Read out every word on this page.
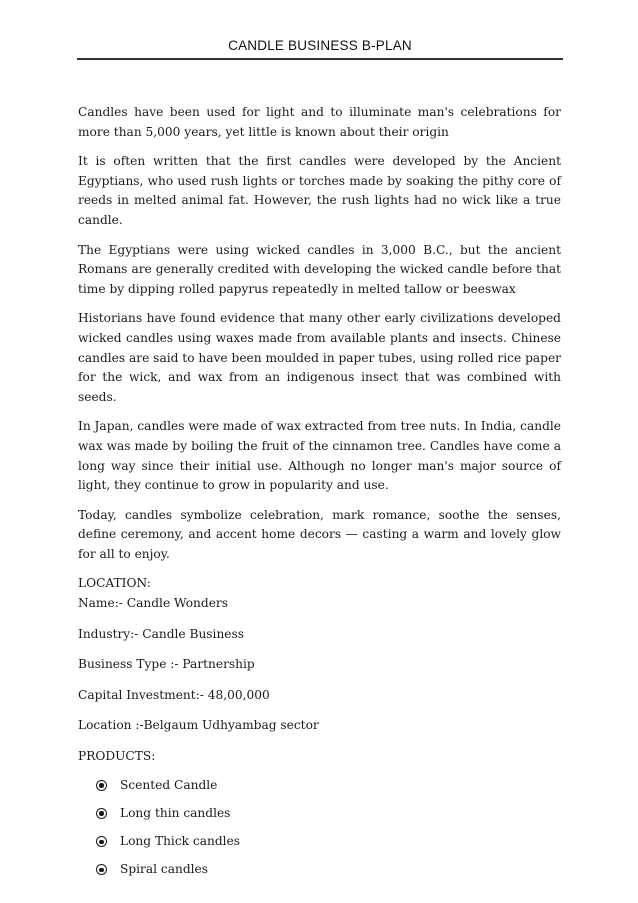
CANDLE BUSINESS B-PLAN

Candles have been used for light and to illuminate man's celebrations for more than 5,000 years, yet little is known about their origin

It is often written that the first candles were developed by the Ancient Egyptians, who used rush lights or torches made by soaking the pithy core of reeds in melted animal fat. However, the rush lights had no wick like a true candle.

The Egyptians were using wicked candles in 3,000 B.C., but the ancient Romans are generally credited with developing the wicked candle before that time by dipping rolled papyrus repeatedly in melted tallow or beeswax

Historians have found evidence that many other early civilizations developed wicked candles using waxes made from available plants and insects. Chinese candles are said to have been moulded in paper tubes, using rolled rice paper for the wick, and wax from an indigenous insect that was combined with seeds.

In Japan, candles were made of wax extracted from tree nuts. In India, candle wax was made by boiling the fruit of the cinnamon tree. Candles have come a long way since their initial use. Although no longer man's major source of light, they continue to grow in popularity and use.

Today, candles symbolize celebration, mark romance, soothe the senses, define ceremony, and accent home decors — casting a warm and lovely glow for all to enjoy.

LOCATION:
Name:- Candle Wonders
Industry:- Candle Business
Business Type :- Partnership
Capital Investment:- 48,00,000
Location :-Belgaum Udhyambag sector
PRODUCTS:
Scented Candle
Long thin candles
Long Thick candles
Spiral candles
